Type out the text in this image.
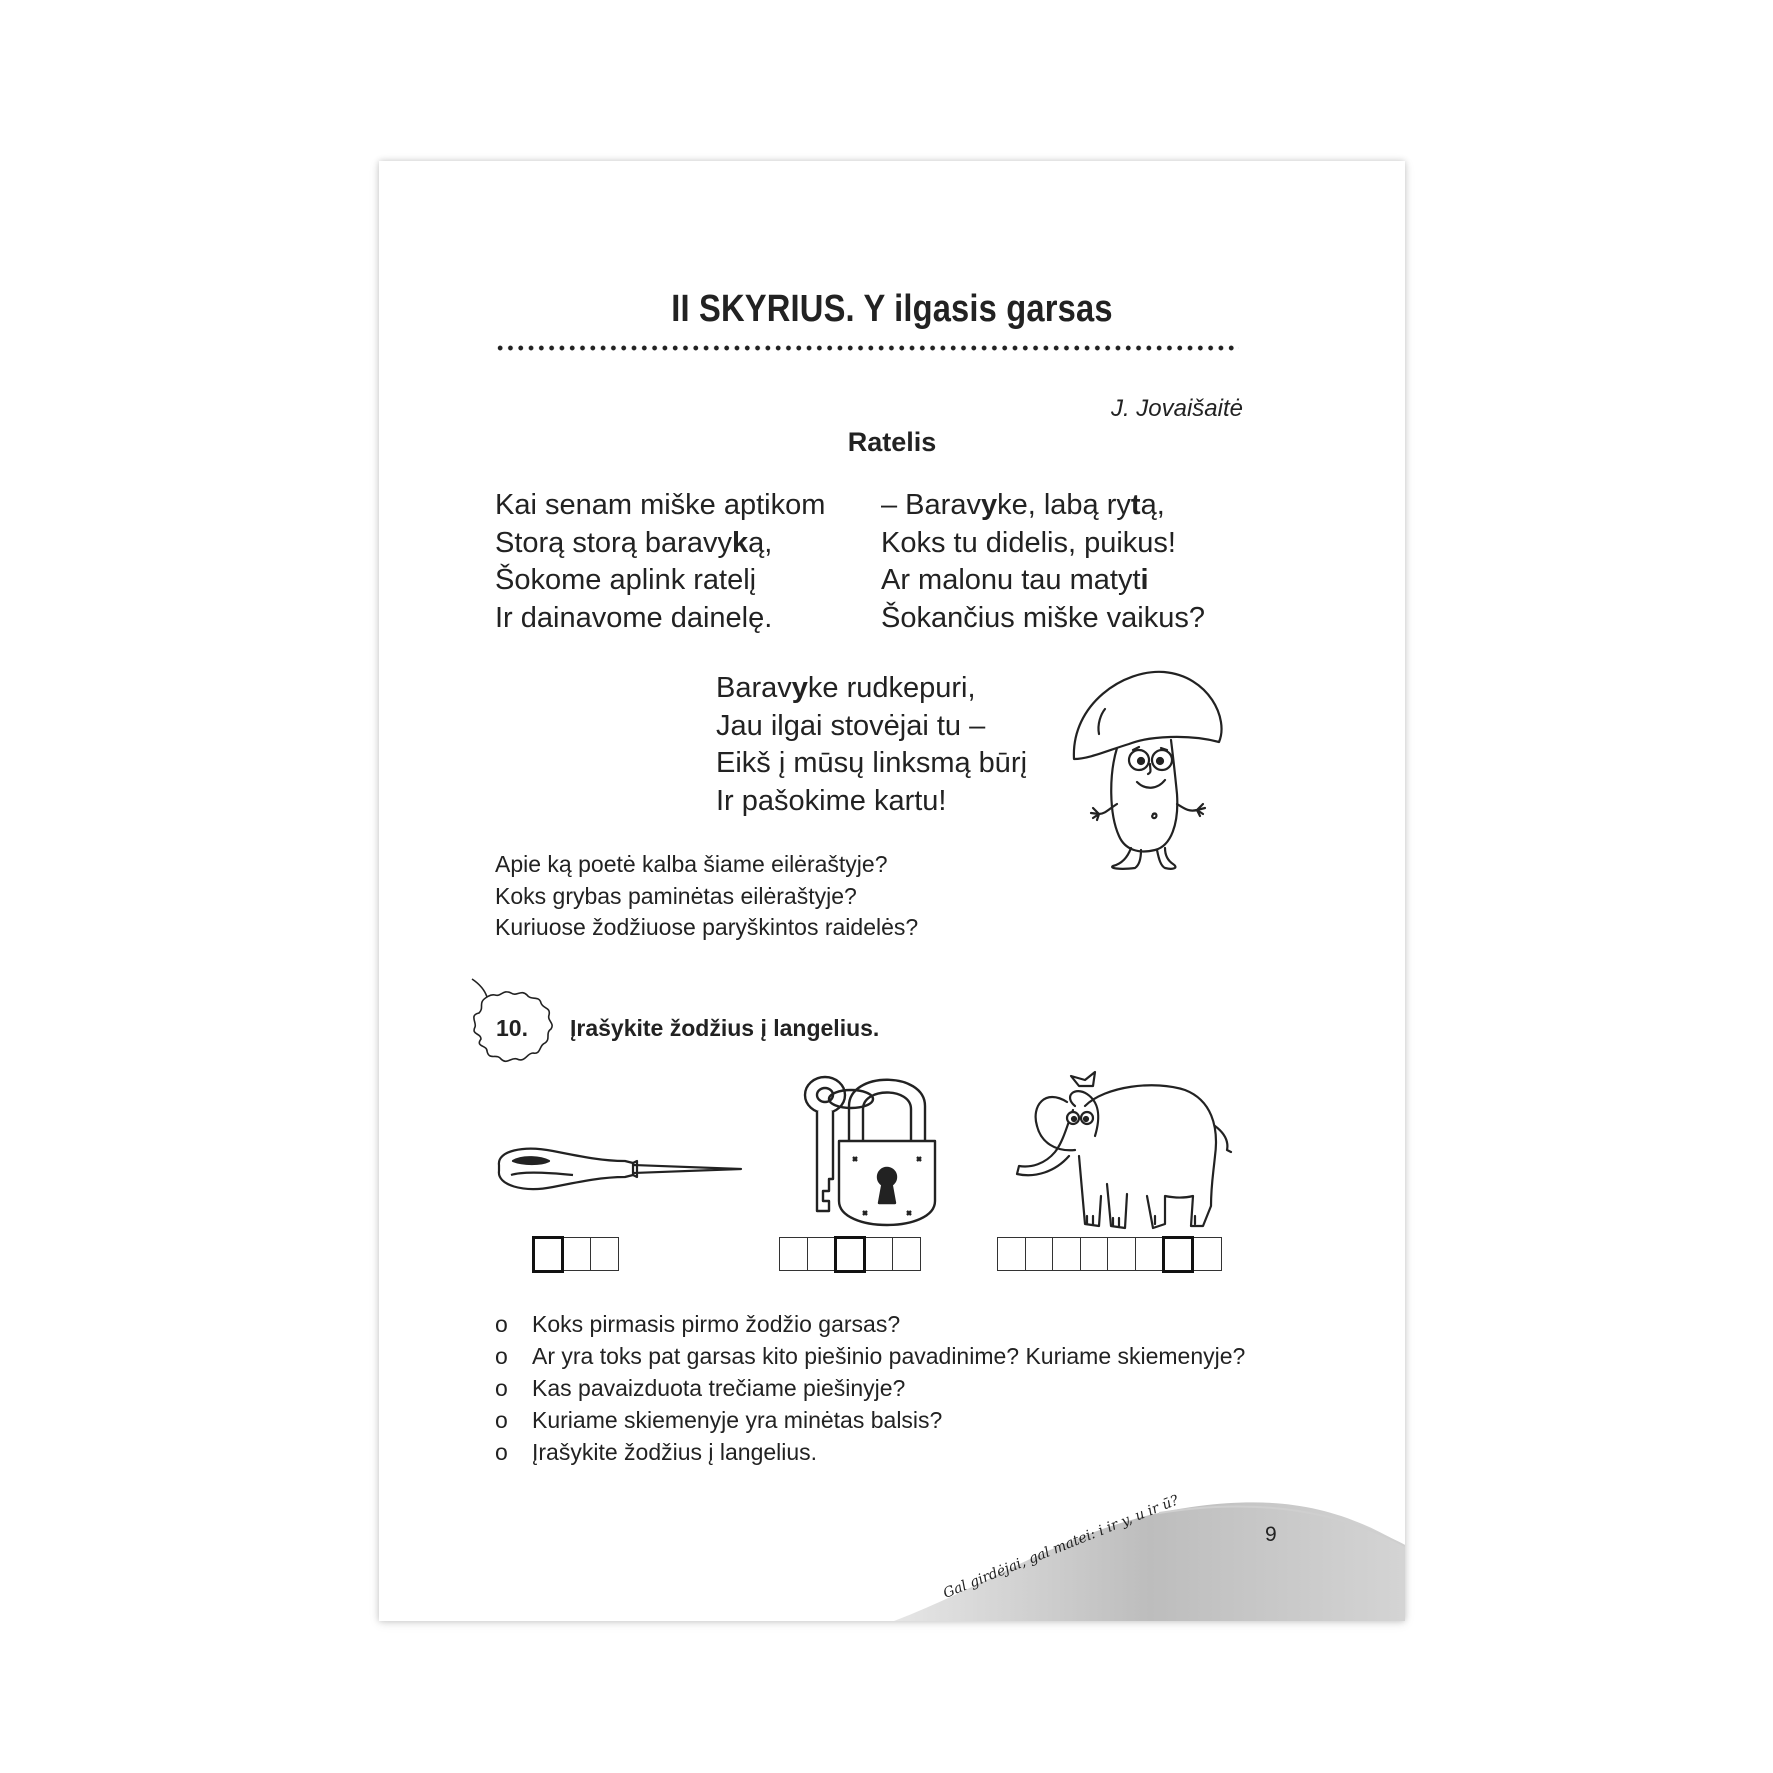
II SKYRIUS. Y ilgasis garsas
J. Jovaišaitė
Ratelis
Kai senam miške aptikom
Storą storą baravyką,
Šokome aplink ratelį
Ir dainavome dainelę.
– Baravyke, labą rytą,
Koks tu didelis, puikus!
Ar malonu tau matyti
Šokančius miške vaikus?
Baravyke rudkepuri,
Jau ilgai stovėjai tu –
Eikš į mūsų linksmą būrį
Ir pašokime kartu!
Apie ką poetė kalba šiame eilėraštyje?
Koks grybas paminėtas eilėraštyje?
Kuriuose žodžiuose paryškintos raidelės?
10. Įrašykite žodžius į langelius.
o	Koks pirmasis pirmo žodžio garsas?
o	Ar yra toks pat garsas kito piešinio pavadinime? Kuriame skiemenyje?
o	Kas pavaizduota trečiame piešinyje?
o	Kuriame skiemenyje yra minėtas balsis?
o	Įrašykite žodžius į langelius.
9
Gal girdėjai, gal matei: i ir y, u ir ū?
